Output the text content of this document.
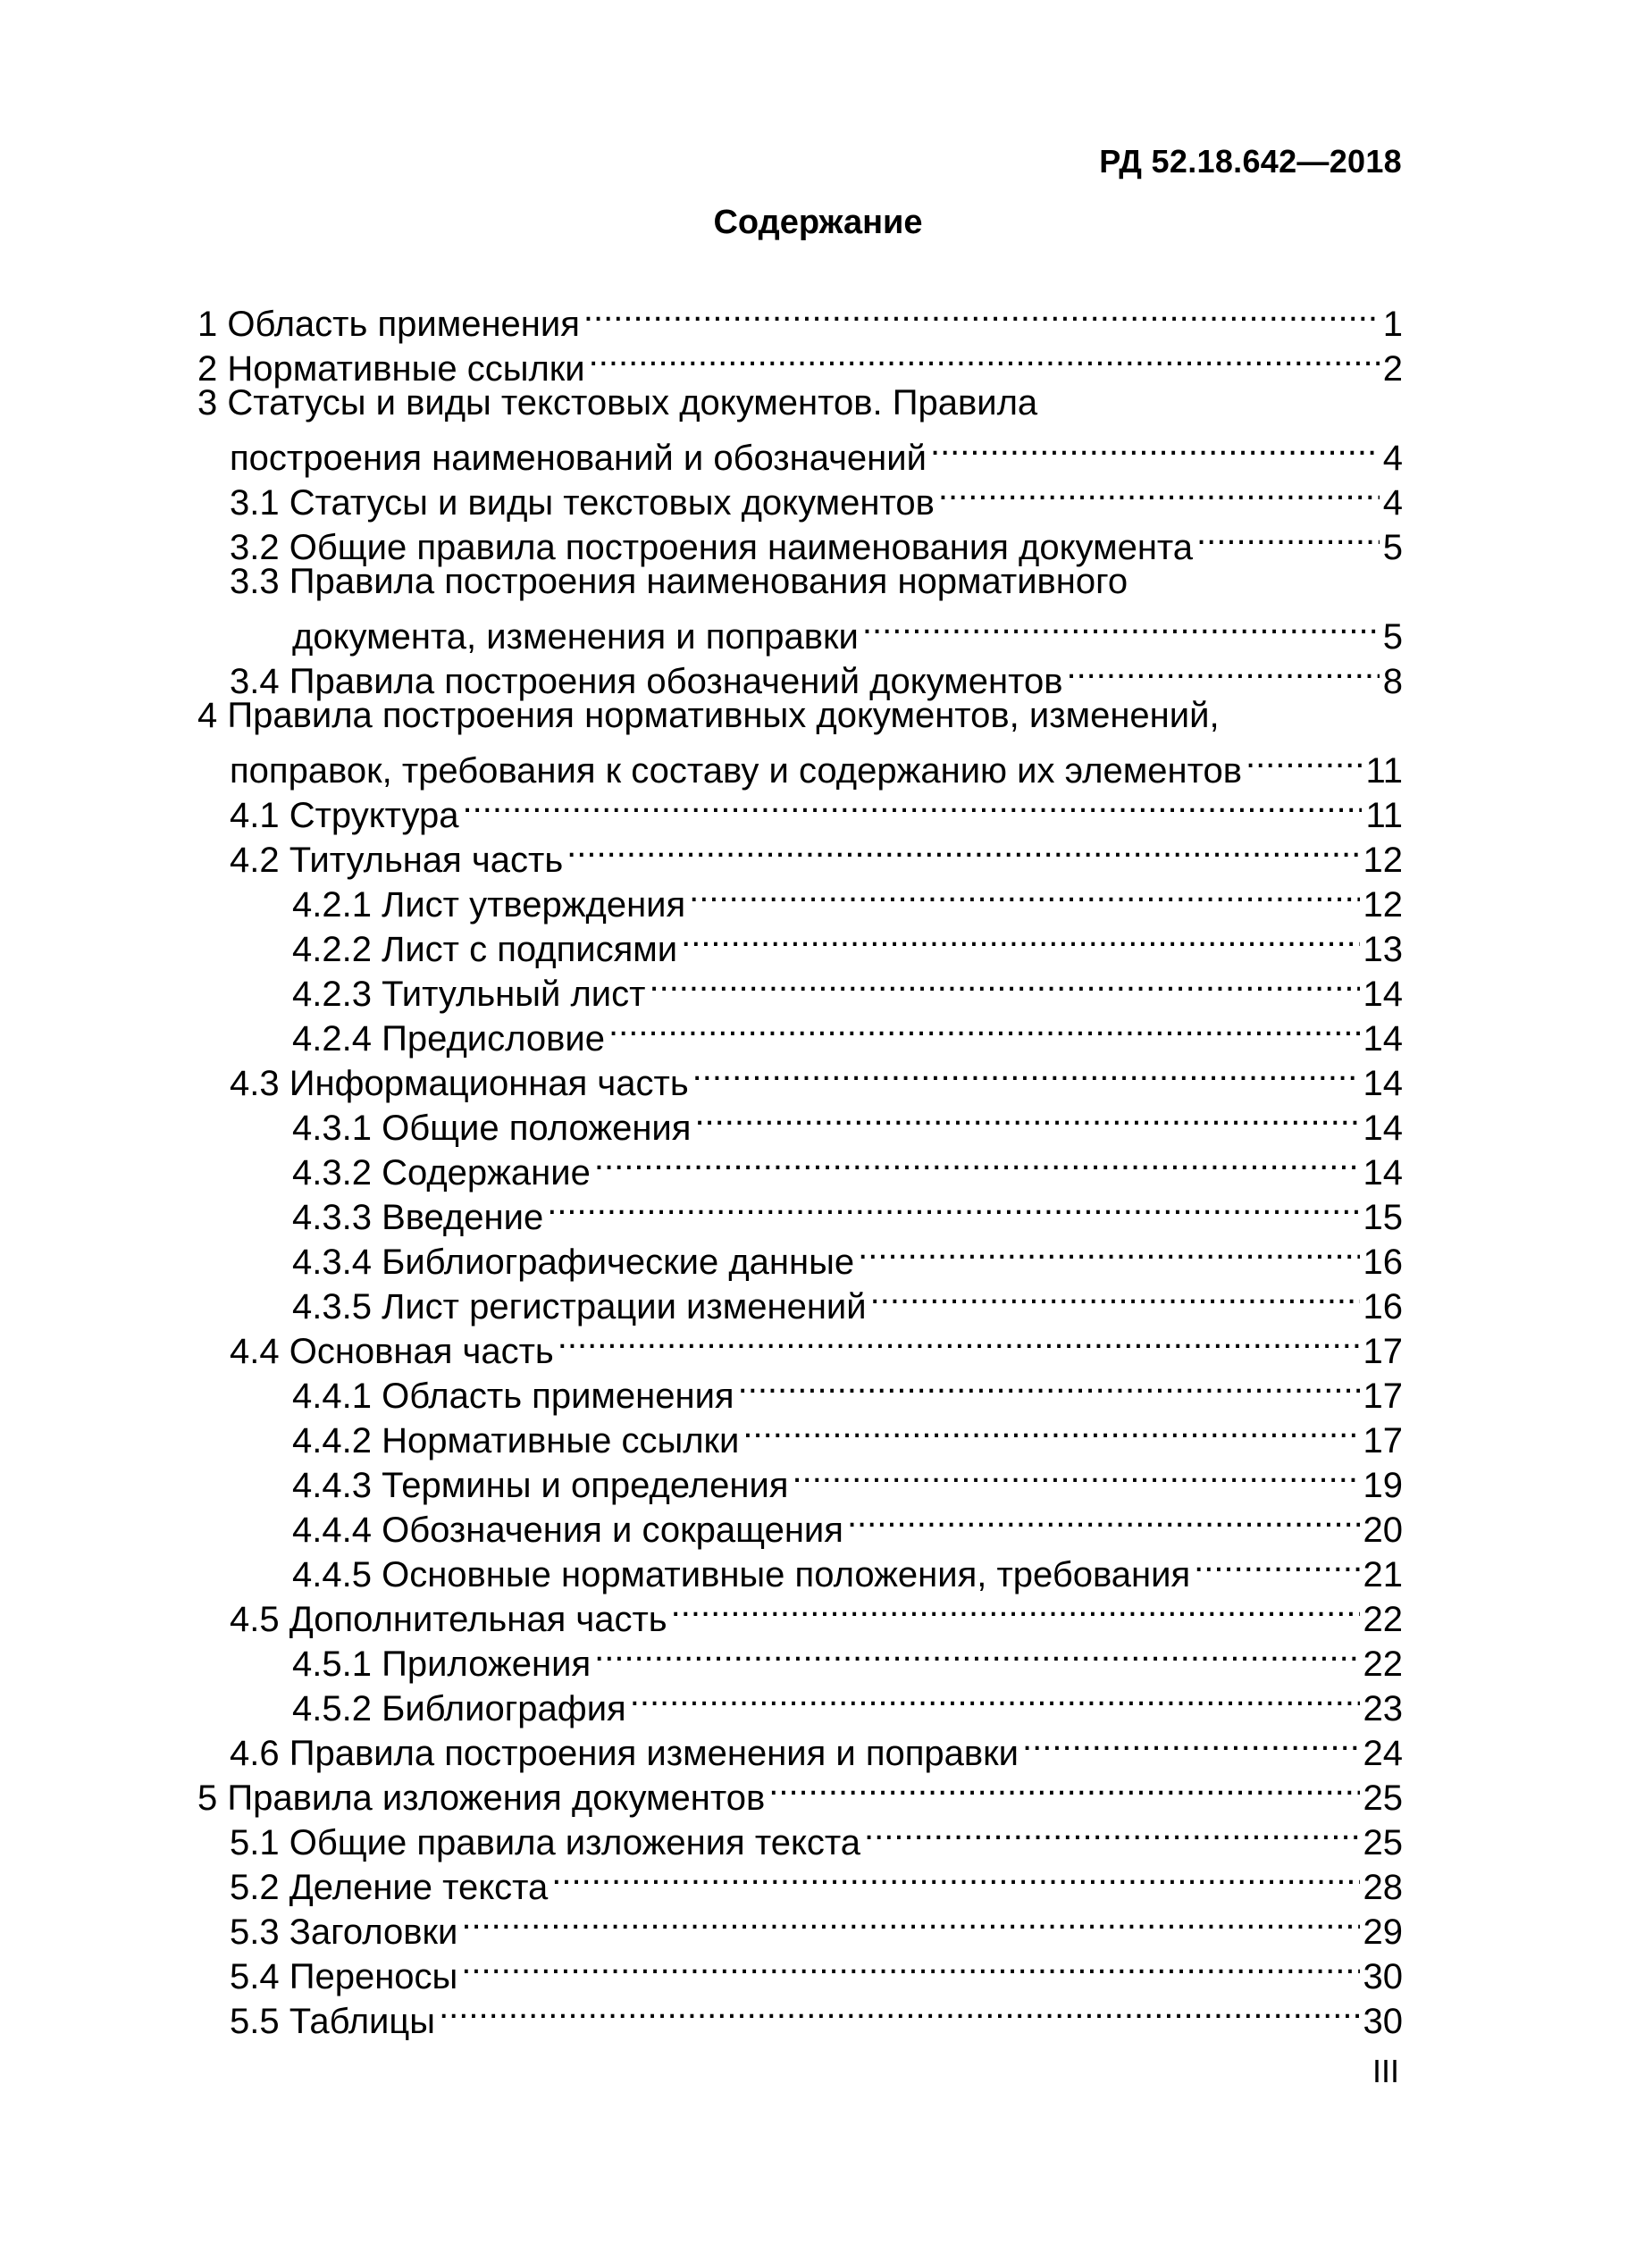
РД 52.18.642—2018
Содержание
1 Область применения .....	1
2 Нормативные ссылки .....	2
3 Статусы и виды текстовых документов. Правила
построения наименований и обозначений .....	4
3.1 Статусы и виды текстовых документов .....	4
3.2 Общие правила построения наименования документа .....	5
3.3 Правила построения наименования нормативного
документа, изменения и поправки .....	5
3.4 Правила построения обозначений документов .....	8
4 Правила построения нормативных документов, изменений,
поправок, требования к составу и содержанию их элементов .....	11
4.1 Структура .....	11
4.2 Титульная часть .....	12
4.2.1 Лист утверждения .....	12
4.2.2 Лист с подписями .....	13
4.2.3 Титульный лист .....	14
4.2.4 Предисловие .....	14
4.3 Информационная часть .....	14
4.3.1 Общие положения .....	14
4.3.2 Содержание .....	14
4.3.3 Введение .....	15
4.3.4 Библиографические данные .....	16
4.3.5 Лист регистрации изменений .....	16
4.4 Основная часть .....	17
4.4.1 Область применения .....	17
4.4.2 Нормативные ссылки .....	17
4.4.3 Термины и определения .....	19
4.4.4 Обозначения и сокращения .....	20
4.4.5 Основные нормативные положения, требования .....	21
4.5 Дополнительная часть .....	22
4.5.1 Приложения .....	22
4.5.2 Библиография .....	23
4.6 Правила построения изменения и поправки .....	24
5 Правила изложения документов .....	25
5.1 Общие правила изложения текста .....	25
5.2 Деление текста .....	28
5.3 Заголовки .....	29
5.4 Переносы .....	30
5.5 Таблицы .....	30
III
